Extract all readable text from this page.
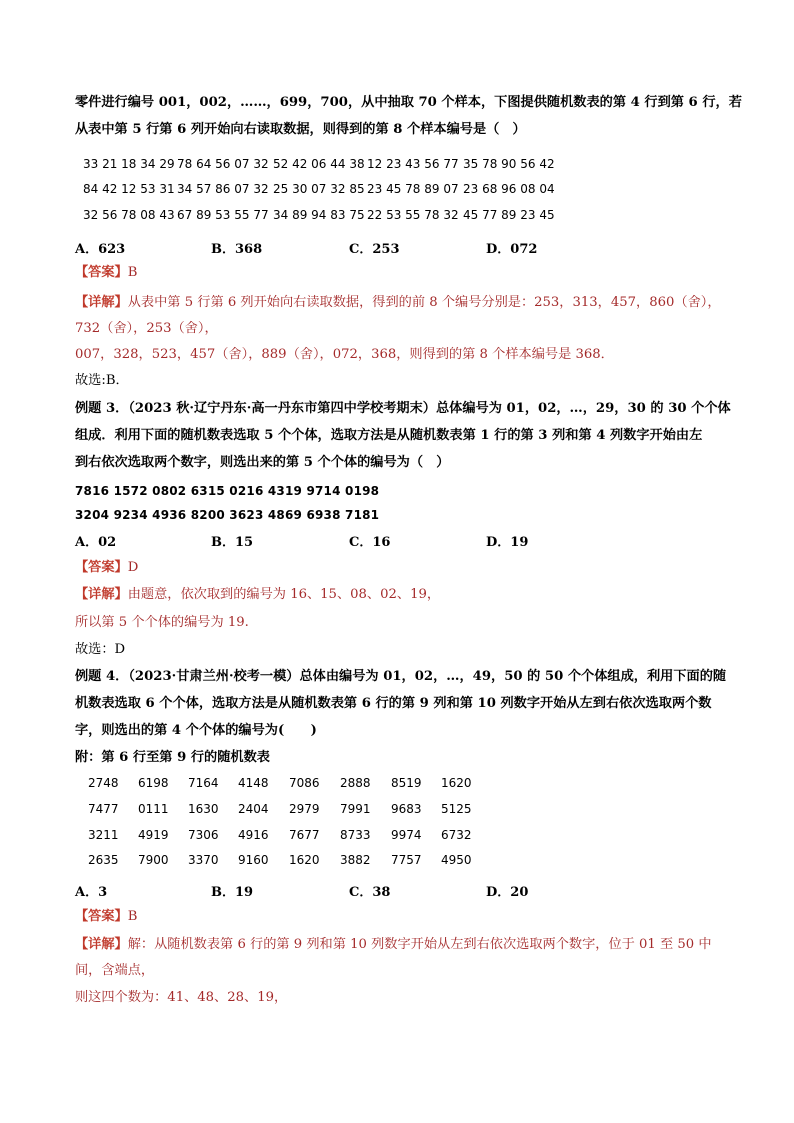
零件进行编号 001，002，……，699，700，从中抽取 70 个样本，下图提供随机数表的第 4 行到第 6 行，若
从表中第 5 行第 6 列开始向右读取数据，则得到的第 8 个样本编号是（　）
33 21 18 34 29 78 64 56 07 32 52 42 06 44 38 12 23 43 56 77 35 78 90 56 42
84 42 12 53 31 34 57 86 07 32 25 30 07 32 85 23 45 78 89 07 23 68 96 08 04
32 56 78 08 43 67 89 53 55 77 34 89 94 83 75 22 53 55 78 32 45 77 89 23 45
A．623	B．368	C．253	D．072
【答案】B
【详解】从表中第 5 行第 6 列开始向右读取数据，得到的前 8 个编号分别是：253，313，457，860（舍），
732（舍），253（舍），
007，328，523，457（舍），889（舍），072，368，则得到的第 8 个样本编号是 368．
故选:B．
例题 3．（2023 秋·辽宁丹东·高一丹东市第四中学校考期末）总体编号为 01，02，…，29，30 的 30 个个体
组成．利用下面的随机数表选取 5 个个体，选取方法是从随机数表第 1 行的第 3 列和第 4 列数字开始由左
到右依次选取两个数字，则选出来的第 5 个个体的编号为（　）
7816 1572 0802 6315 0216 4319 9714 0198
3204 9234 4936 8200 3623 4869 6938 7181
A．02	B．15	C．16	D．19
【答案】D
【详解】由题意，依次取到的编号为 16、15、08、02、19，
所以第 5 个个体的编号为 19.
故选：D
例题 4．（2023·甘肃兰州·校考一模）总体由编号为 01，02，…，49，50 的 50 个个体组成，利用下面的随
机数表选取 6 个个体，选取方法是从随机数表第 6 行的第 9 列和第 10 列数字开始从左到右依次选取两个数
字，则选出的第 4 个个体的编号为(　　)
附：第 6 行至第 9 行的随机数表
2748 6198 7164 4148 7086 2888 8519 1620
7477 0111 1630 2404 2979 7991 9683 5125
3211 4919 7306 4916 7677 8733 9974 6732
2635 7900 3370 9160 1620 3882 7757 4950
A．3	B．19	C．38	D．20
【答案】B
【详解】解：从随机数表第 6 行的第 9 列和第 10 列数字开始从左到右依次选取两个数字，位于 01 至 50 中
间，含端点，
则这四个数为：41、48、28、19，
